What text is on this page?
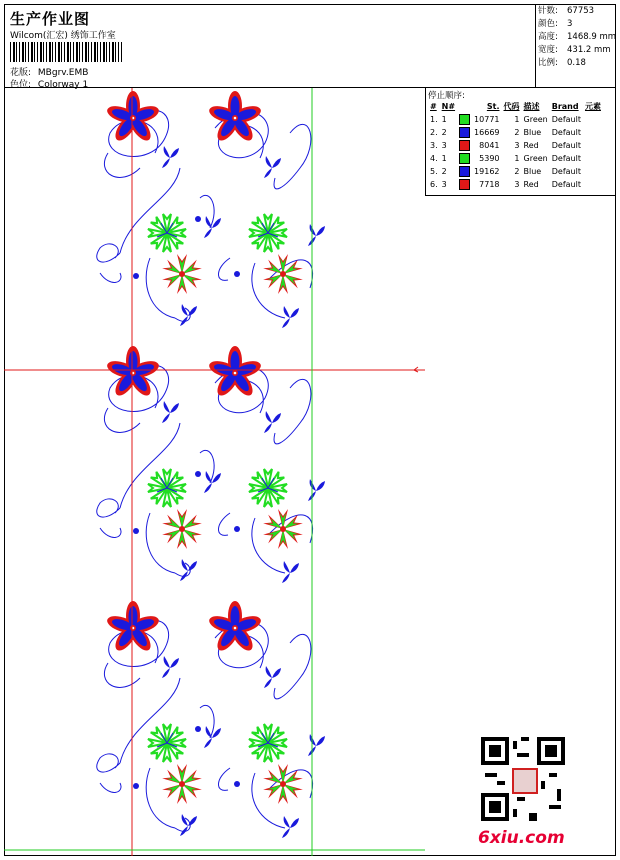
生产作业图
Wilcom(汇宏) 绣饰工作室
花版: MBgrv.EMB
色位: Colorway 1
针数: 67753
颜色: 3
高度: 1468.9 mm
宽度: 431.2 mm
比例: 0.18
停止顺序:
#	N#		St.	代码	描述	Brand	元素
1.	1		10771	1	Green	Default	
2.	2		16669	2	Blue	Default	
3.	3		8041	3	Red	Default	
4.	1		5390	1	Green	Default	
5.	2		19162	2	Blue	Default	
6.	3		7718	3	Red	Default	
6xiu.com
